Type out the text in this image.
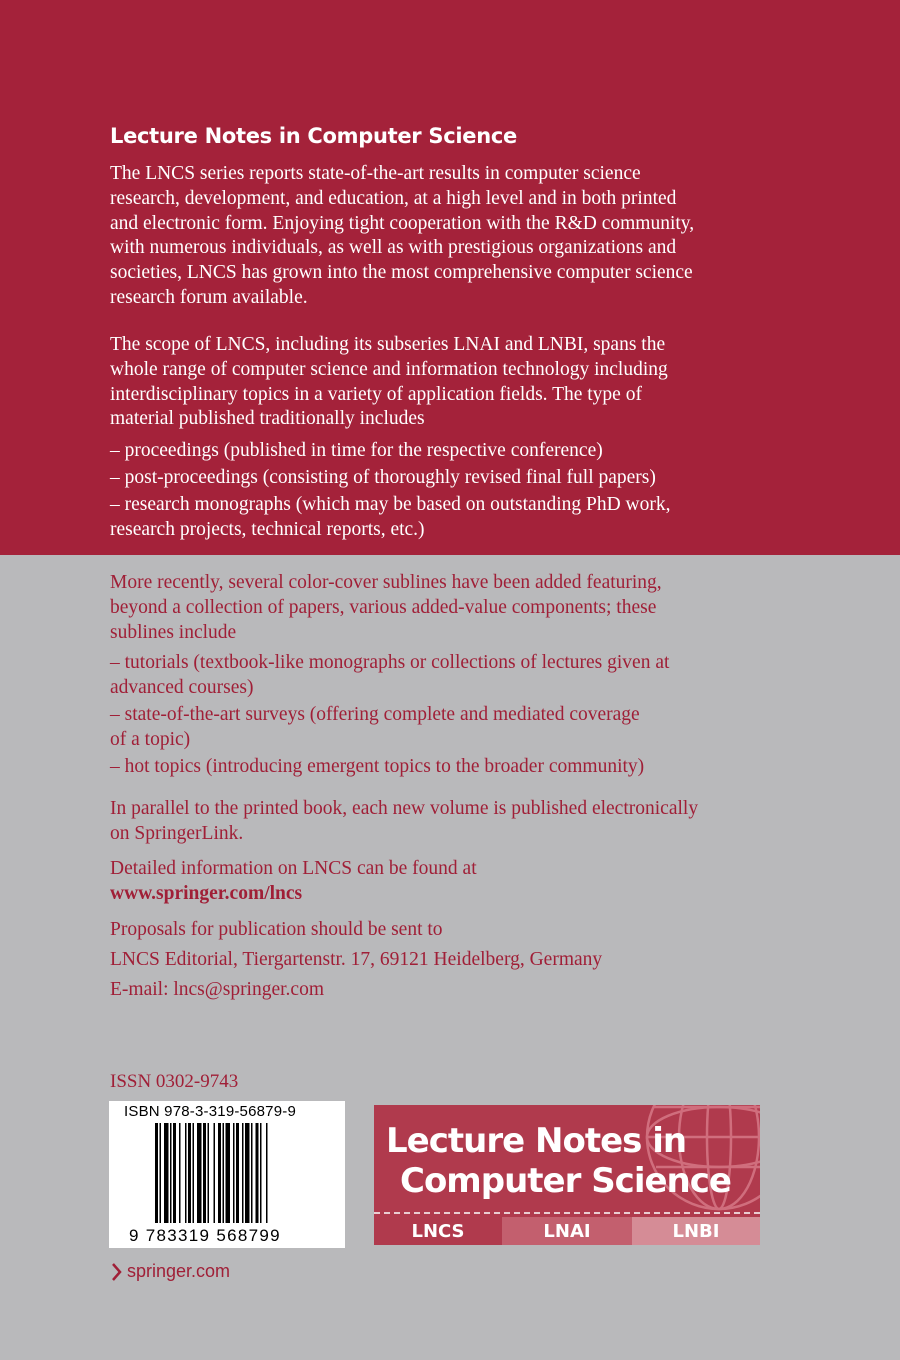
Lecture Notes in Computer Science

The LNCS series reports state-of-the-art results in computer science
research, development, and education, at a high level and in both printed
and electronic form. Enjoying tight cooperation with the R&D community,
with numerous individuals, as well as with prestigious organizations and
societies, LNCS has grown into the most comprehensive computer science
research forum available.

The scope of LNCS, including its subseries LNAI and LNBI, spans the
whole range of computer science and information technology including
interdisciplinary topics in a variety of application fields. The type of
material published traditionally includes

– proceedings (published in time for the respective conference)

– post-proceedings (consisting of thoroughly revised final full papers)

– research monographs (which may be based on outstanding PhD work,
research projects, technical reports, etc.)

More recently, several color-cover sublines have been added featuring,
beyond a collection of papers, various added-value components; these
sublines include

– tutorials (textbook-like monographs or collections of lectures given at
advanced courses)

– state-of-the-art surveys (offering complete and mediated coverage
of a topic)

– hot topics (introducing emergent topics to the broader community)

In parallel to the printed book, each new volume is published electronically
on SpringerLink.

Detailed information on LNCS can be found at
www.springer.com/lncs

Proposals for publication should be sent to

LNCS Editorial, Tiergartenstr. 17, 69121 Heidelberg, Germany

E-mail: lncs@springer.com

ISSN 0302-9743
ISBN 978-3-319-56879-9
9 783319 568799
Lecture Notes in
Computer Science
LNCS	LNAI	LNBI
springer.com
